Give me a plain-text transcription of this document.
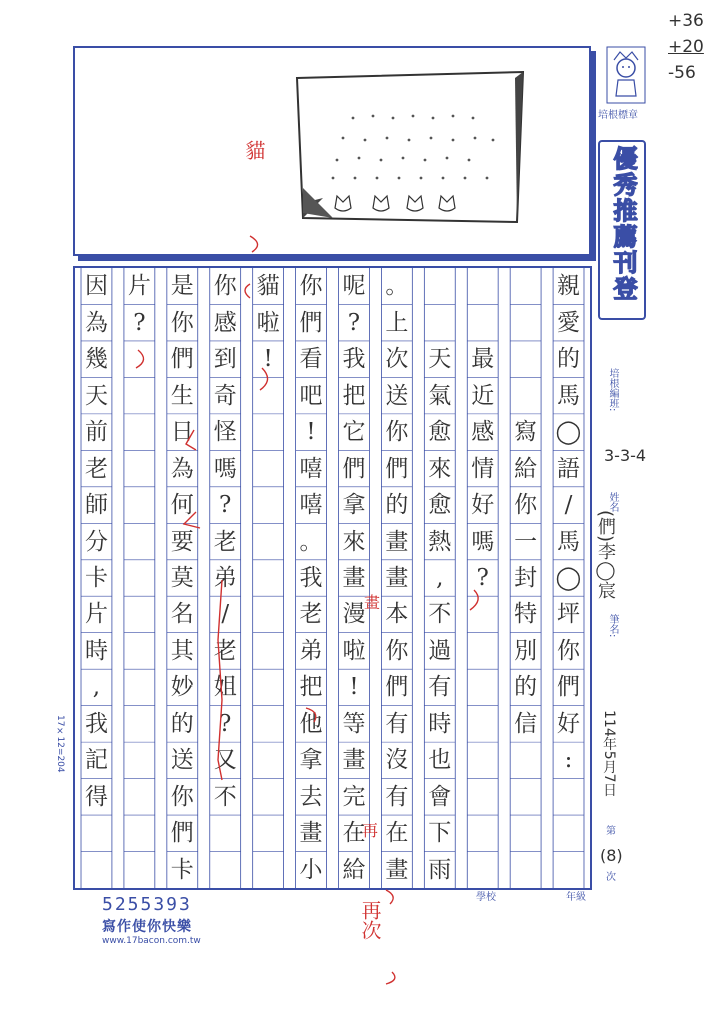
+36
+20
-56
培根標章
優秀推薦刊登
親
愛
的
馬
◯
語
/
馬
◯
坪
你
們
好
:
寫
給
你
一
封
特
別
的
信
最
近
感
情
好
嗎
?
天
氣
愈
來
愈
熱
,
不
過
有
時
也
會
下
雨
。
上
次
送
你
們
的
畫
畫
本
你
們
有
沒
有
在
畫
呢
?
我
把
它
們
拿
來
畫
漫
啦
!
等
畫
完
在
給
你
們
看
吧
!
嘻
嘻
。
我
老
弟
把
他
拿
去
畫
小
貓
啦
!
你
感
到
奇
怪
嗎
?
老
弟
/
老
姐
?
又
不
是
你
們
生
日
為
何
要
莫
名
其
妙
的
送
你
們
卡
片
?
因
為
幾
天
前
老
師
分
卡
片
時
,
我
記
得
貓
再次
畫
再
培根編班:
3-3-4
姓名
(們)李◯宸
筆名:
114年5月7日
第
(8)
次
17×12=204
5255393
寫作使你快樂
www.17bacon.com.tw
學校	年級
